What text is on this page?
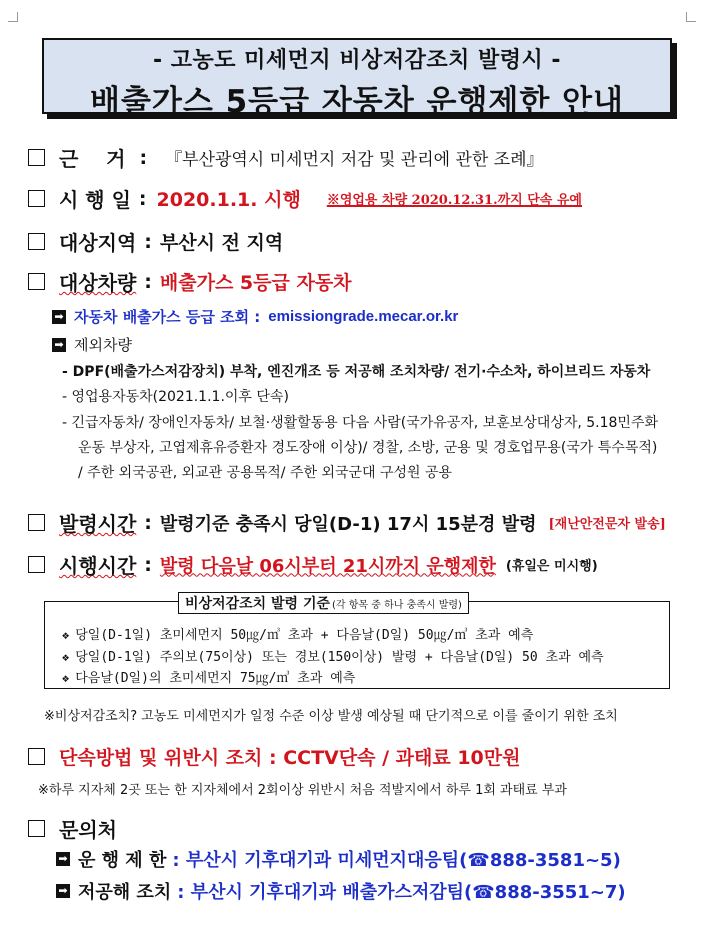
- 고농도 미세먼지 비상저감조치 발령시 -
배출가스 5등급 자동차 운행제한 안내
근    거 : 『부산광역시 미세먼지 저감 및 관리에 관한 조례』
시 행 일 : 2020.1.1. 시행 ※영업용 차량 2020.12.31.까지 단속 유예
대상지역 : 부산시 전 지역
대상차량 : 배출가스 5등급 자동차
➡ 자동차 배출가스 등급 조회 : emissiongrade.mecar.or.kr
➡ 제외차량
- DPF(배출가스저감장치) 부착, 엔진개조 등 저공해 조치차량/ 전기·수소차, 하이브리드 자동차
- 영업용자동차(2021.1.1.이후 단속)
- 긴급자동차/ 장애인자동차/ 보철·생활할동용 다음 사람(국가유공자, 보훈보상대상자, 5.18민주화
운동 부상자, 고엽제휴유증환자 경도장애 이상)/ 경찰, 소방, 군용 및 경호업무용(국가 특수목적)
/ 주한 외국공관, 외교관 공용목적/ 주한 외국군대 구성원 공용
발령시간 : 발령기준 충족시 당일(D-1) 17시 15분경 발령 [재난안전문자 발송]
시행시간 : 발령 다음날 06시부터 21시까지 운행제한 (휴일은 미시행)
비상저감조치 발령 기준 (각 항목 중 하나 충족시 발령)
❖ 당일(D-1일) 초미세먼지 50㎍/㎥ 초과 + 다음날(D일) 50㎍/㎥ 초과 예측
❖ 당일(D-1일) 주의보(75이상) 또는 경보(150이상) 발령 + 다음날(D일) 50 초과 예측
❖ 다음날(D일)의 초미세먼지 75㎍/㎥ 초과 예측
※비상저감조치? 고농도 미세먼지가 일정 수준 이상 발생 예상될 때 단기적으로 이를 줄이기 위한 조치
단속방법 및 위반시 조치 : CCTV단속 / 과태료 10만원
※하루 지자체 2곳 또는 한 지자체에서 2회이상 위반시 처음 적발지에서 하루 1회 과태료 부과
문의처
➡ 운 행 제 한 : 부산시 기후대기과 미세먼지대응팀(☎888-3581~5)
➡ 저공해 조치 : 부산시 기후대기과 배출가스저감팀(☎888-3551~7)
